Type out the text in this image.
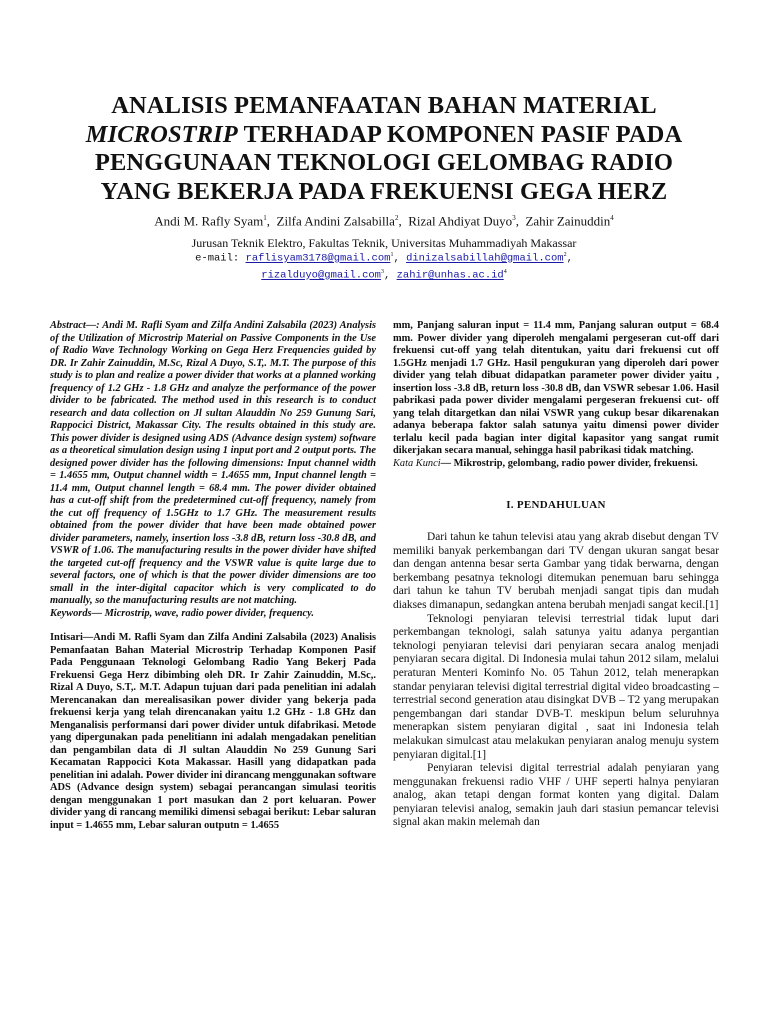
ANALISIS PEMANFAATAN BAHAN MATERIAL
MICROSTRIP TERHADAP KOMPONEN PASIF PADA
PENGGUNAAN TEKNOLOGI GELOMBAG RADIO
YANG BEKERJA PADA FREKUENSI GEGA HERZ
Andi M. Rafly Syam$^1$,  Zilfa Andini Zalsabilla$^2$,  Rizal Ahdiyat Duyo$^3$,  Zahir Zainuddin$^4$
Jurusan Teknik Elektro, Fakultas Teknik, Universitas Muhammadiyah Makassar
e-mail: raflisyam3178@gmail.com$^1$, dinizalsabillah@gmail.com$^2$,
rizalduyo@gmail.com$^3$, $zahir@unhas.ac.id^4$

Abstract—: Andi M. Rafli Syam and Zilfa Andini Zalsabila (2023) Analysis of the Utilization of Microstrip Material on Passive Components in the Use of Radio Wave Technology Working on Gega Herz Frequencies guided by DR. Ir Zahir Zainuddin, M.Sc, Rizal A Duyo, S.T,. M.T. The purpose of this study is to plan and realize a power divider that works at a planned working frequency of 1.2 GHz - 1.8 GHz and analyze the performance of the power divider to be fabricated. The method used in this research is to conduct research and data collection on Jl sultan Alauddin No 259 Gunung Sari, Rappocici District, Makassar City. The results obtained in this study are. This power divider is designed using ADS (Advance design system) software as a theoretical simulation design using 1 input port and 2 output ports. The designed power divider has the following dimensions: Input channel width = 1.4655 mm, Output channel width = 1.4655 mm, Input channel length = 11.4 mm, Output channel length = 68.4 mm. The power divider obtained has a cut-off shift from the predetermined cut-off frequency, namely from the cut off frequency of 1.5GHz to 1.7 GHz. The measurement results obtained from the power divider that have been made obtained power divider parameters, namely, insertion loss -3.8 dB, return loss -30.8 dB, and VSWR of 1.06. The manufacturing results in the power divider have shifted the targeted cut-off frequency and the VSWR value is quite large due to several factors, one of which is that the power divider dimensions are too small in the inter-digital capacitor which is very complicated to do manually, so the manufacturing results are not matching.

Keywords— Microstrip, wave, radio power divider, frequency.

Intisari—Andi M. Rafli Syam dan Zilfa Andini Zalsabila (2023) Analisis Pemanfaatan Bahan Material Microstrip Terhadap Komponen Pasif Pada Penggunaan Teknologi Gelombang Radio Yang Bekerj Pada Frekuensi Gega Herz dibimbing oleh DR. Ir Zahir Zainuddin, M.Sc,. Rizal A Duyo, S.T,. M.T. Adapun tujuan dari pada penelitian ini adalah Merencanakan dan merealisasikan power divider yang bekerja pada frekuensi kerja yang telah direncanakan yaitu 1.2 GHz - 1.8 GHz dan Menganalisis performansi dari power divider untuk difabrikasi. Metode yang dipergunakan pada penelitiann ini adalah mengadakan penelitian dan pengambilan data di Jl sultan Alauddin No 259 Gunung Sari Kecamatan Rappocici Kota Makassar. Hasill yang didapatkan pada penelitian ini adalah. Power divider ini dirancang menggunakan software ADS (Advance design system) sebagai perancangan simulasi teoritis dengan menggunakan 1 port masukan dan 2 port keluaran. Power divider yang di rancang memiliki dimensi sebagai berikut: Lebar saluran input = 1.4655 mm, Lebar saluran outputn = 1.4655

mm, Panjang saluran input = 11.4 mm, Panjang saluran output = 68.4 mm. Power divider yang diperoleh mengalami pergeseran cut-off dari frekuensi cut-off yang telah ditentukan, yaitu dari frekuensi cut off 1.5GHz menjadi 1.7 GHz. Hasil pengukuran yang diperoleh dari power divider yang telah dibuat didapatkan parameter power divider yaitu , insertion loss -3.8 dB, return loss -30.8 dB, dan VSWR sebesar 1.06. Hasil pabrikasi pada power divider mengalami pergeseran frekuensi cut- off yang telah ditargetkan dan nilai VSWR yang cukup besar dikarenakan adanya beberapa faktor salah satunya yaitu dimensi power divider terlalu kecil pada bagian inter digital kapasitor yang sangat rumit dikerjakan secara manual, sehingga hasil pabrikasi tidak matching.

Kata Kunci— Mikrostrip, gelombang, radio power divider, frekuensi.

I. PENDAHULUAN

Dari tahun ke tahun televisi atau yang akrab disebut dengan TV memiliki banyak perkembangan dari TV dengan ukuran sangat besar dan dengan antenna besar serta Gambar yang tidak berwarna, dengan berkembang pesatnya teknologi ditemukan penemuan baru sehingga dari tahun ke tahun TV berubah menjadi sangat tipis dan mudah diakses dimanapun, sedangkan antena berubah menjadi sangat kecil.[1]

Teknologi penyiaran televisi terrestrial tidak luput dari perkembangan teknologi, salah satunya yaitu adanya pergantian teknologi penyiaran televisi dari penyiaran secara analog menjadi penyiaran secara digital. Di Indonesia mulai tahun 2012 silam, melalui peraturan Menteri Kominfo No. 05 Tahun 2012, telah menerapkan standar penyiaran televisi digital terrestrial digital video broadcasting – terrestrial second generation atau disingkat DVB – T2 yang merupakan pengembangan dari standar DVB-T. meskipun belum seluruhnya menerapkan sistem penyiaran digital , saat ini Indonesia telah melakukan simulcast atau melakukan penyiaran analog menuju system penyiaran digital.[1]

Penyiaran televisi digital terrestrial adalah penyiaran yang menggunakan frekuensi radio VHF / UHF seperti halnya penyiaran analog, akan tetapi dengan format konten yang digital. Dalam penyiaran televisi analog, semakin jauh dari stasiun pemancar televisi signal akan makin melemah dan
